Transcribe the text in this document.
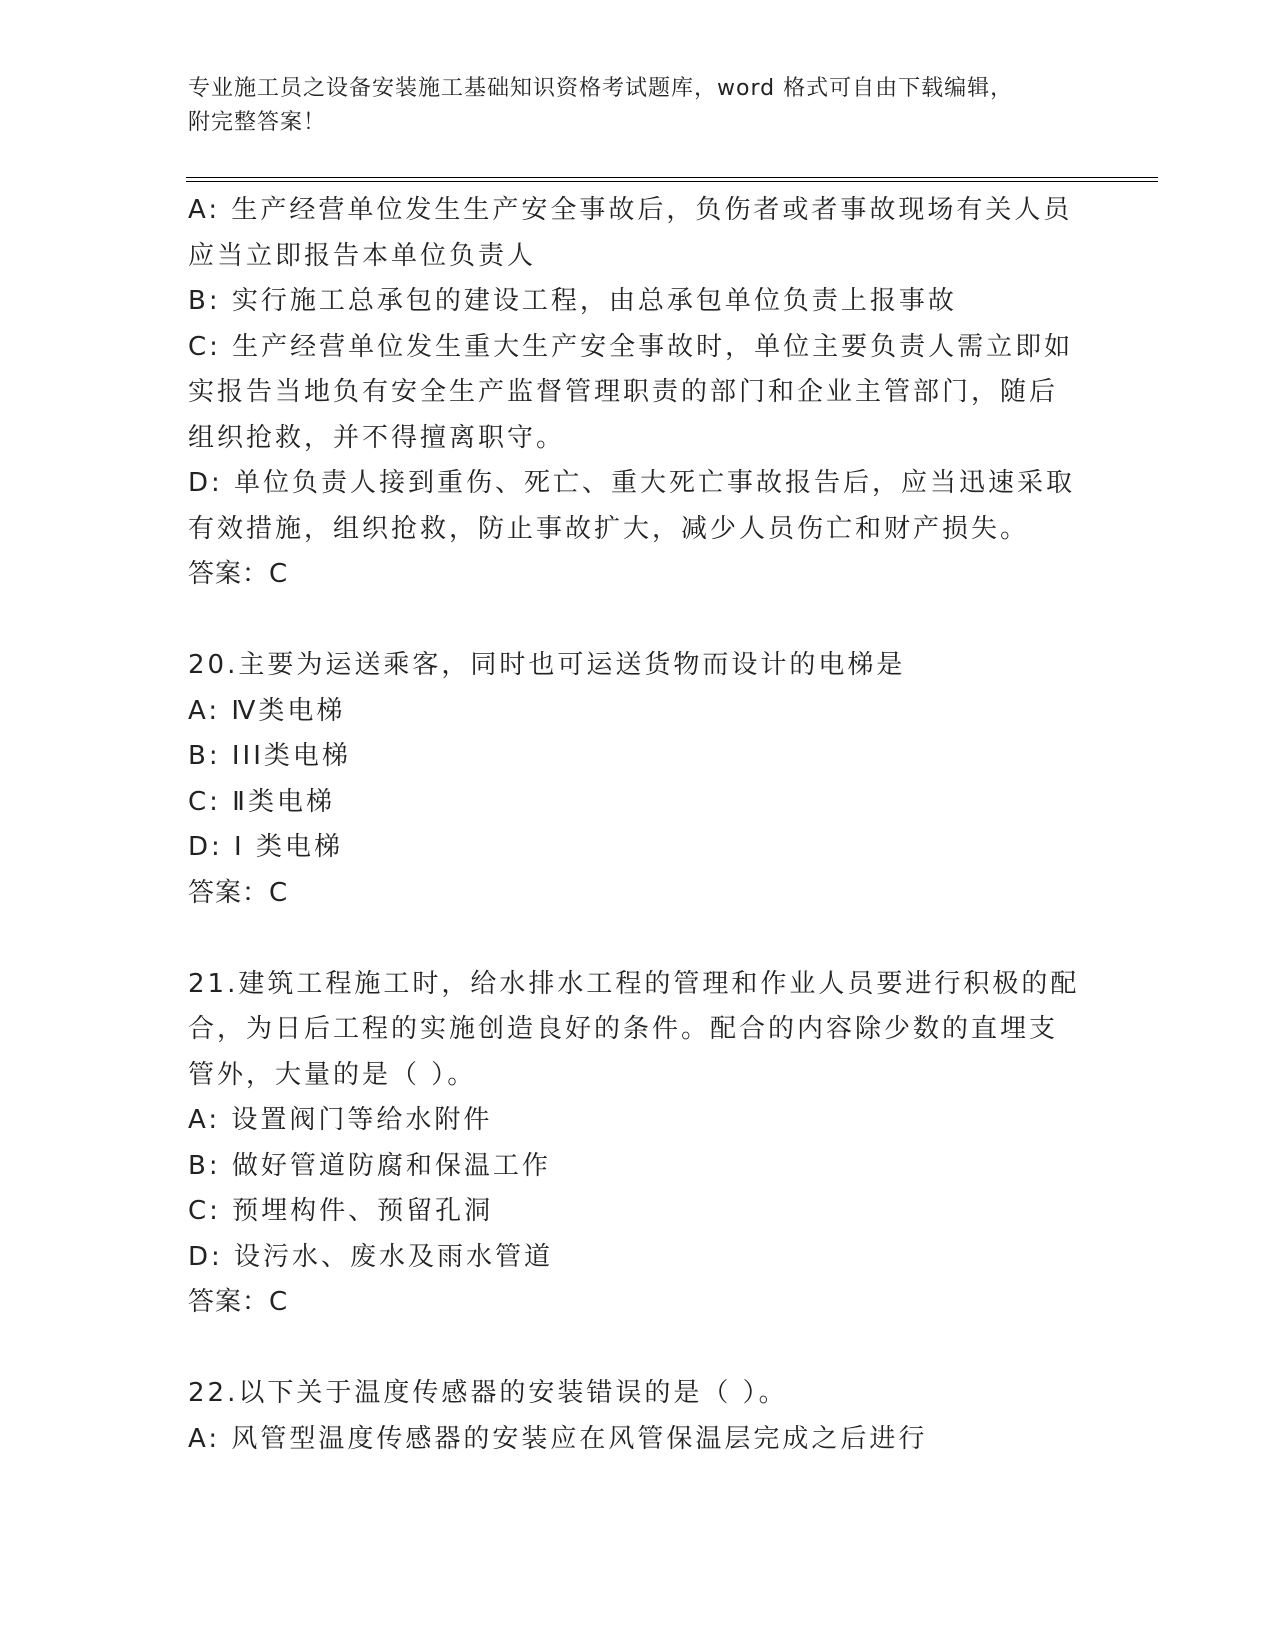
专业施工员之设备安装施工基础知识资格考试题库，word 格式可自由下载编辑，
附完整答案！
A: 生产经营单位发生生产安全事故后，负伤者或者事故现场有关人员
应当立即报告本单位负责人
B: 实行施工总承包的建设工程，由总承包单位负责上报事故
C: 生产经营单位发生重大生产安全事故时，单位主要负责人需立即如
实报告当地负有安全生产监督管理职责的部门和企业主管部门，随后
组织抢救，并不得擅离职守。
D: 单位负责人接到重伤、死亡、重大死亡事故报告后，应当迅速采取
有效措施，组织抢救，防止事故扩大，减少人员伤亡和财产损失。
答案：C
20.主要为运送乘客，同时也可运送货物而设计的电梯是
A: Ⅳ类电梯
B: III类电梯
C: Ⅱ类电梯
D: I 类电梯
答案：C
21.建筑工程施工时，给水排水工程的管理和作业人员要进行积极的配
合，为日后工程的实施创造良好的条件。配合的内容除少数的直埋支
管外，大量的是（ ）。
A: 设置阀门等给水附件
B: 做好管道防腐和保温工作
C: 预埋构件、预留孔洞
D: 设污水、废水及雨水管道
答案：C
22.以下关于温度传感器的安装错误的是（ ）。
A: 风管型温度传感器的安装应在风管保温层完成之后进行
